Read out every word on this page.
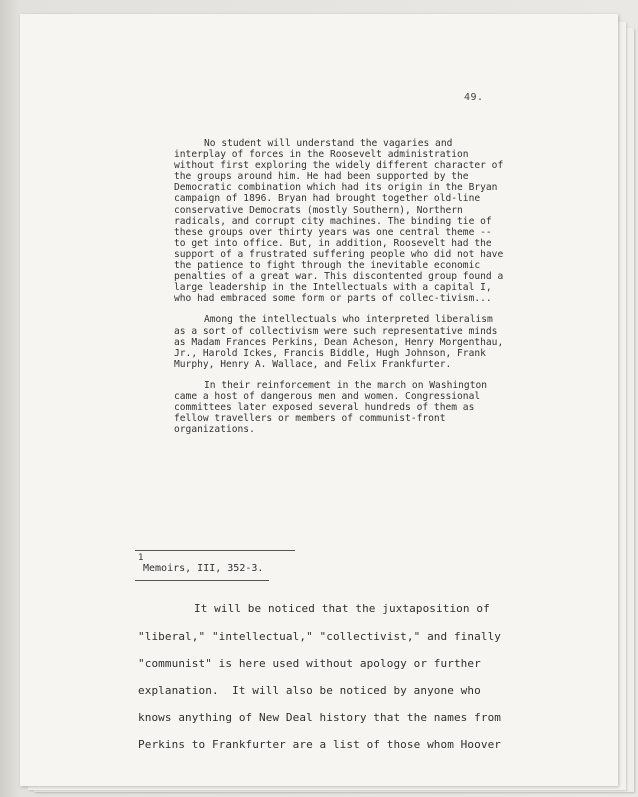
49.

No student will understand the vagaries and interplay of forces in the Roosevelt administration without first exploring the widely different character of the groups around him. He had been supported by the Democratic combination which had its origin in the Bryan campaign of 1896. Bryan had brought together old-line conservative Democrats (mostly Southern), Northern radicals, and corrupt city machines. The binding tie of these groups over thirty years was one central theme -- to get into office. But, in addition, Roosevelt had the support of a frustrated suffering people who did not have the patience to fight through the inevitable economic penalties of a great war. This discontented group found a large leadership in the Intellectuals with a capital I, who had embraced some form or parts of collec-tivism...

Among the intellectuals who interpreted liberalism as a sort of collectivism were such representative minds as Madam Frances Perkins, Dean Acheson, Henry Morgenthau, Jr., Harold Ickes, Francis Biddle, Hugh Johnson, Frank Murphy, Henry A. Wallace, and Felix Frankfurter.

In their reinforcement in the march on Washington came a host of dangerous men and women. Congressional committees later exposed several hundreds of them as fellow travellers or members of communist-front organizations.

1
Memoirs, III, 352-3.
It will be noticed that the juxtaposition of
"liberal," "intellectual," "collectivist," and finally
"communist" is here used without apology or further
explanation.  It will also be noticed by anyone who
knows anything of New Deal history that the names from
Perkins to Frankfurter are a list of those whom Hoover
